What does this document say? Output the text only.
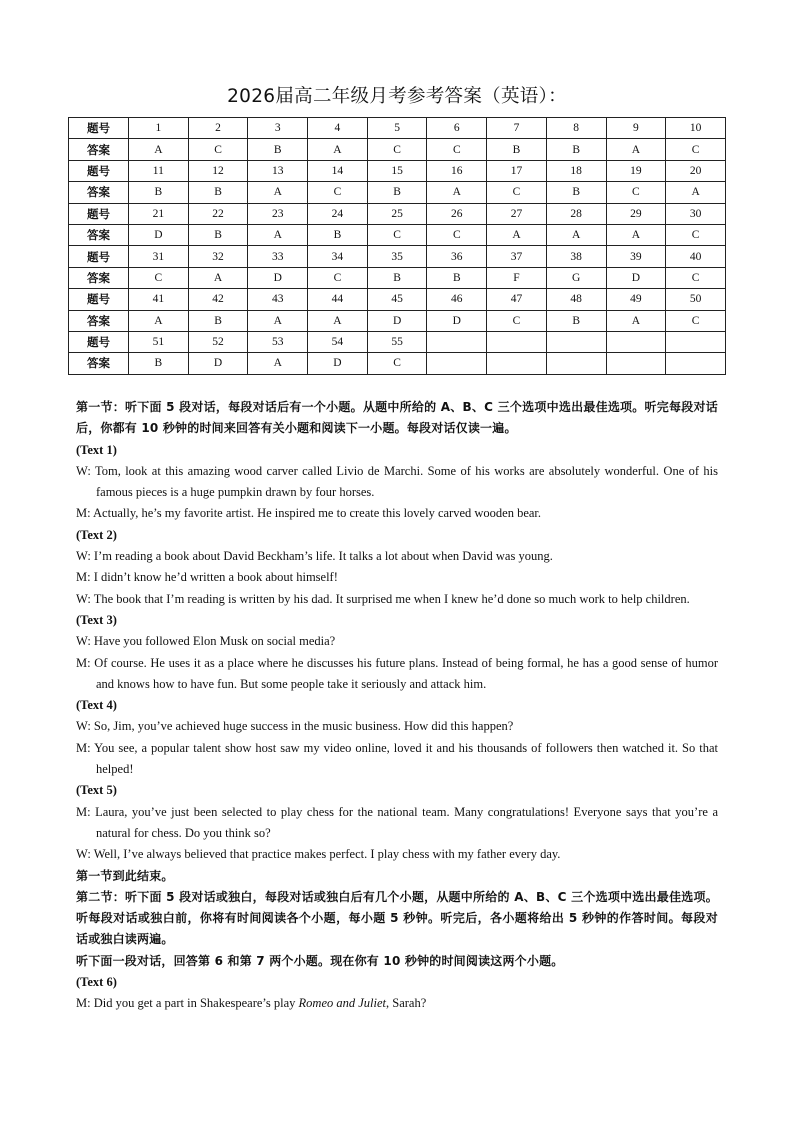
2026届高二年级月考参考答案（英语）：
题号	1	2	3	4	5	6	7	8	9	10
答案	A	C	B	A	C	C	B	B	A	C
题号	11	12	13	14	15	16	17	18	19	20
答案	B	B	A	C	B	A	C	B	C	A
题号	21	22	23	24	25	26	27	28	29	30
答案	D	B	A	B	C	C	A	A	A	C
题号	31	32	33	34	35	36	37	38	39	40
答案	C	A	D	C	B	B	F	G	D	C
题号	41	42	43	44	45	46	47	48	49	50
答案	A	B	A	A	D	D	C	B	A	C
题号	51	52	53	54	55					
答案	B	D	A	D	C					

第一节：听下面 5 段对话，每段对话后有一个小题。从题中所给的 A、B、C 三个选项中选出最佳选项。听完每段对话后，你都有 10 秒钟的时间来回答有关小题和阅读下一小题。每段对话仅读一遍。

(Text 1)

W: Tom, look at this amazing wood carver called Livio de Marchi. Some of his works are absolutely wonderful. One of his famous pieces is a huge pumpkin drawn by four horses.

M: Actually, he’s my favorite artist. He inspired me to create this lovely carved wooden bear.

(Text 2)

W: I’m reading a book about David Beckham’s life. It talks a lot about when David was young.

M: I didn’t know he’d written a book about himself!

W: The book that I’m reading is written by his dad. It surprised me when I knew he’d done so much work to help children.

(Text 3)

W: Have you followed Elon Musk on social media?

M: Of course. He uses it as a place where he discusses his future plans. Instead of being formal, he has a good sense of humor and knows how to have fun. But some people take it seriously and attack him.

(Text 4)

W: So, Jim, you’ve achieved huge success in the music business. How did this happen?

M: You see, a popular talent show host saw my video online, loved it and his thousands of followers then watched it. So that helped!

(Text 5)

M: Laura, you’ve just been selected to play chess for the national team. Many congratulations! Everyone says that you’re a natural for chess. Do you think so?

W: Well, I’ve always believed that practice makes perfect. I play chess with my father every day.

第一节到此结束。

第二节：听下面 5 段对话或独白，每段对话或独白后有几个小题，从题中所给的 A、B、C 三个选项中选出最佳选项。听每段对话或独白前，你将有时间阅读各个小题，每小题 5 秒钟。听完后，各小题将给出 5 秒钟的作答时间。每段对话或独白读两遍。

听下面一段对话，回答第 6 和第 7 两个小题。现在你有 10 秒钟的时间阅读这两个小题。

(Text 6)

M: Did you get a part in Shakespeare’s play Romeo and Juliet, Sarah?
